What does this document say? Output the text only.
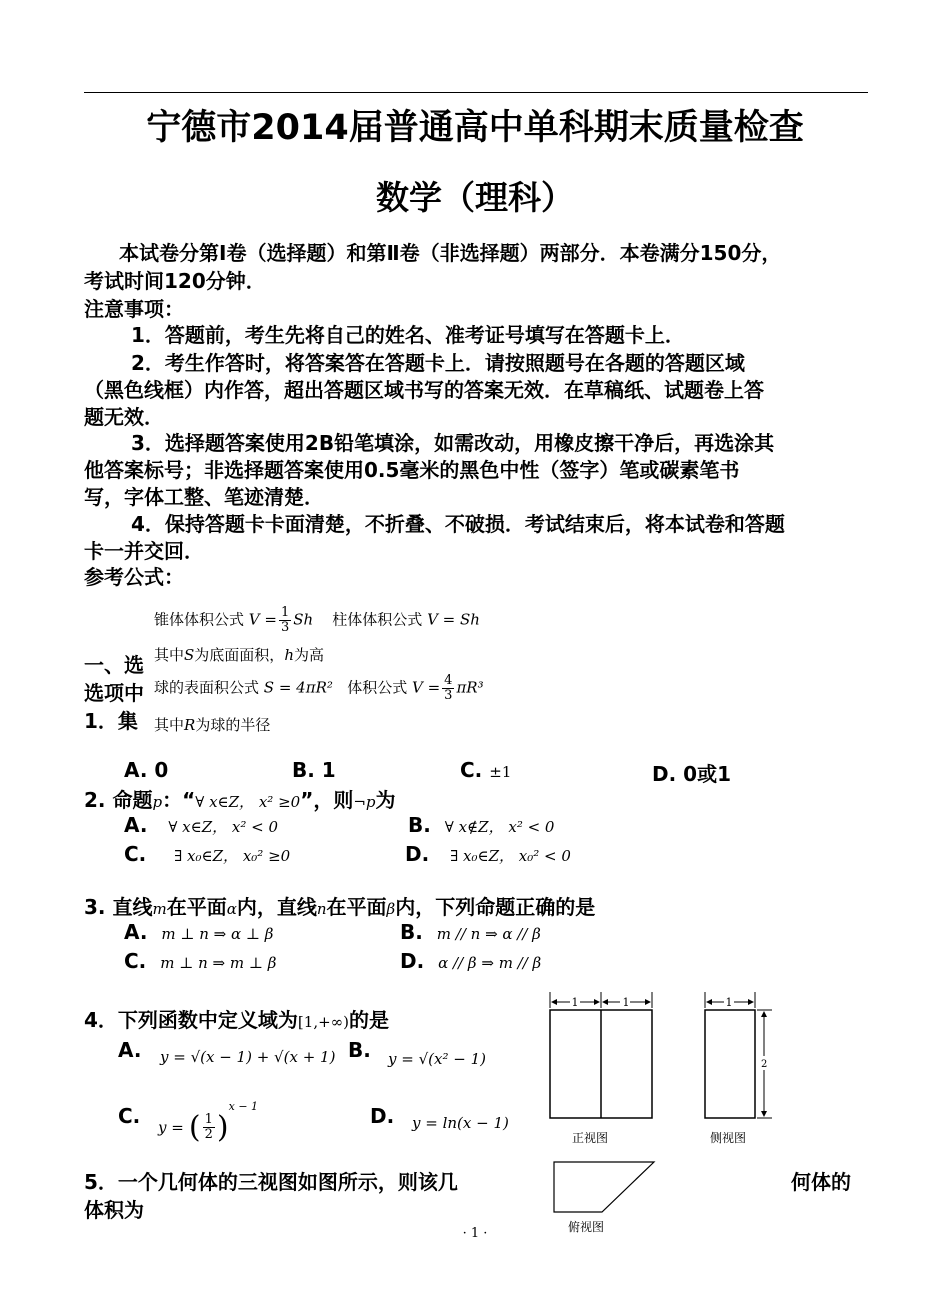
宁德市2014届普通高中单科期末质量检查
数学（理科）
本试卷分第Ⅰ卷（选择题）和第Ⅱ卷（非选择题）两部分．本卷满分150分，
考试时间120分钟．
注意事项：
1．答题前，考生先将自己的姓名、准考证号填写在答题卡上．
2．考生作答时，将答案答在答题卡上．请按照题号在各题的答题区域
（黑色线框）内作答，超出答题区域书写的答案无效．在草稿纸、试题卷上答
题无效．
3．选择题答案使用2B铅笔填涂，如需改动，用橡皮擦干净后，再选涂其
他答案标号；非选择题答案使用0.5毫米的黑色中性（签字）笔或碳素笔书
写，字体工整、笔迹清楚．
4．保持答题卡卡面清楚，不折叠、不破损．考试结束后，将本试卷和答题
卡一并交回．
参考公式：
一、选
选项中
1．集
锥体体积公式 $V = \frac{1}{3}$ Sh 柱体体积公式 V = Sh
其中S为底面面积，h为高
球的表面积公式 S = 4πR² 体积公式 $V = \frac{4}{3} \pi R^3$
其中R为球的半径
A. 0	B. 1	C. ±1	D. 0或1
2. 命题p：“∀ x∈Z， x² ≥0”，则¬p为
A. ∀ x∈Z， x² < 0	B. ∀ x∉Z， x² < 0
C. ∃ x₀∈Z， x₀² ≥0	D. ∃ x₀∈Z， x₀² < 0
3. 直线m在平面α内，直线n在平面β内，下列命题正确的是
A. m ⊥ n ⇒ α ⊥ β	B. m // n ⇒ α // β
C. m ⊥ n ⇒ m ⊥ β	D. α // β ⇒ m // β
4．下列函数中定义域为[1,+∞)的是
A. y = √(x − 1) + √(x + 1) B. y = √(x² − 1)
C. y = ( $\frac{1}{2} )^{x - 1}$	D. y = ln(x − 1)
5．一个几何体的三视图如图所示，则该几	何体的
体积为
1	1
正视图
1
2
侧视图
俯视图
· 1 ·
